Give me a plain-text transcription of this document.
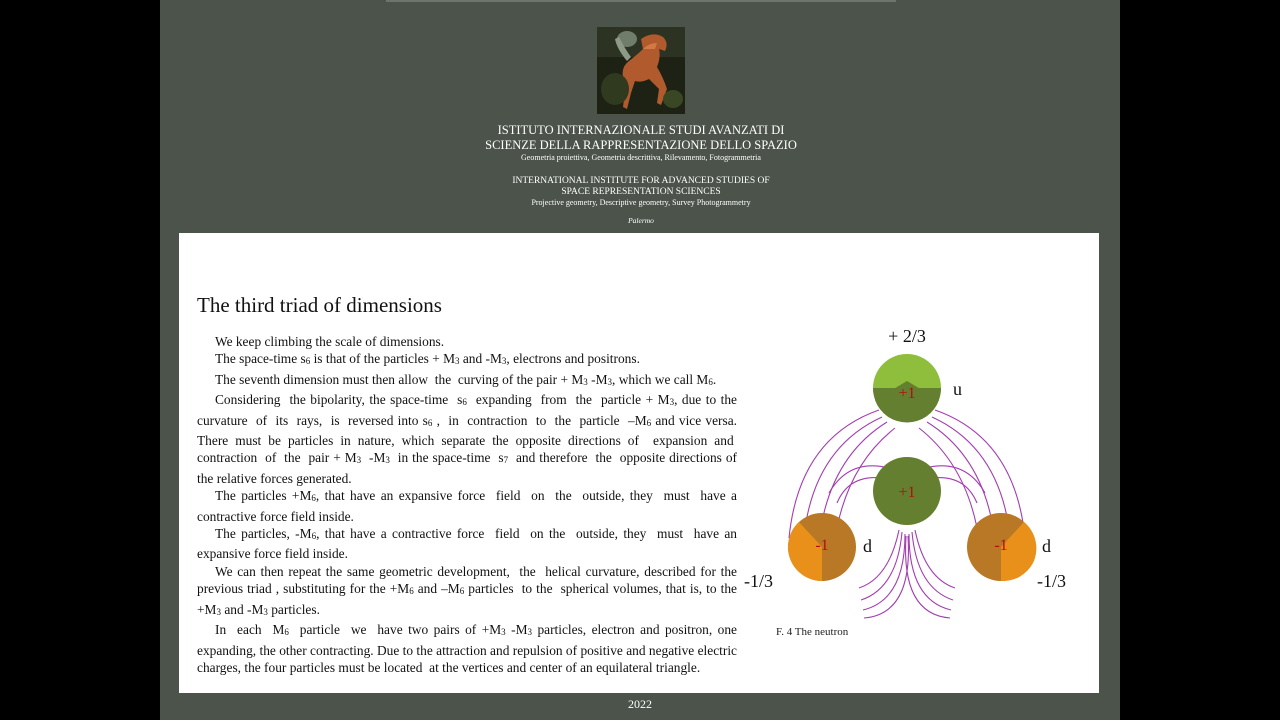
ISTITUTO INTERNAZIONALE STUDI AVANZATI DI
SCIENZE DELLA RAPPRESENTAZIONE DELLO SPAZIO
Geometria proiettiva, Geometria descrittiva, Rilevamento, Fotogrammetria
INTERNATIONAL INSTITUTE FOR ADVANCED STUDIES OF
SPACE REPRESENTATION SCIENCES
Projective geometry, Descriptive geometry, Survey Photogrammetry
Palermo
The third triad of dimensions

We keep climbing the scale of dimensions.

The space-time $s_6$ is that of the particles + $M_3$ and $-M_3$, electrons and positrons.

The seventh dimension must then allow  the  curving of the pair + $M_3$ $-M_3$, which we call $M_6$.

Considering  the bipolarity, the space-time  $s_6$  expanding  from  the  particle + $M_3$, due to the curvature  of  its  rays,  is  reversed into $s_6$ ,  in  contraction  to  the  particle  $-M_6$ and vice versa. There must be particles in nature, which separate the opposite directions of  expansion and  contraction  of  the  pair + $M_3$  $-M_3$  in the space-time  $s_7$  and therefore  the  opposite directions of the relative forces generated.

The particles $+M_6$, that have an expansive force  field  on  the  outside, they  must  have a contractive force field inside.

The particles, $-M_6$, that have a contractive force  field  on the  outside, they  must  have an expansive force field inside.

We can then repeat the same geometric development,  the  helical curvature, described for the previous triad , substituting for the $+M_6$ and $-M_6$ particles  to the  spherical volumes, that is, to the $+M_3$ and $-M_3$ particles.

In  each  $M_6$  particle  we  have two pairs of $+M_3$ $-M_3$ particles, electron and positron, one expanding, the other contracting. Due to the attraction and repulsion of positive and negative electric charges, the four particles must be located  at the vertices and center of an equilateral triangle.

+1
+1
-1	-1
+ 2/3
u
d	d
-1/3	-1/3
F. 4 The neutron
2022
